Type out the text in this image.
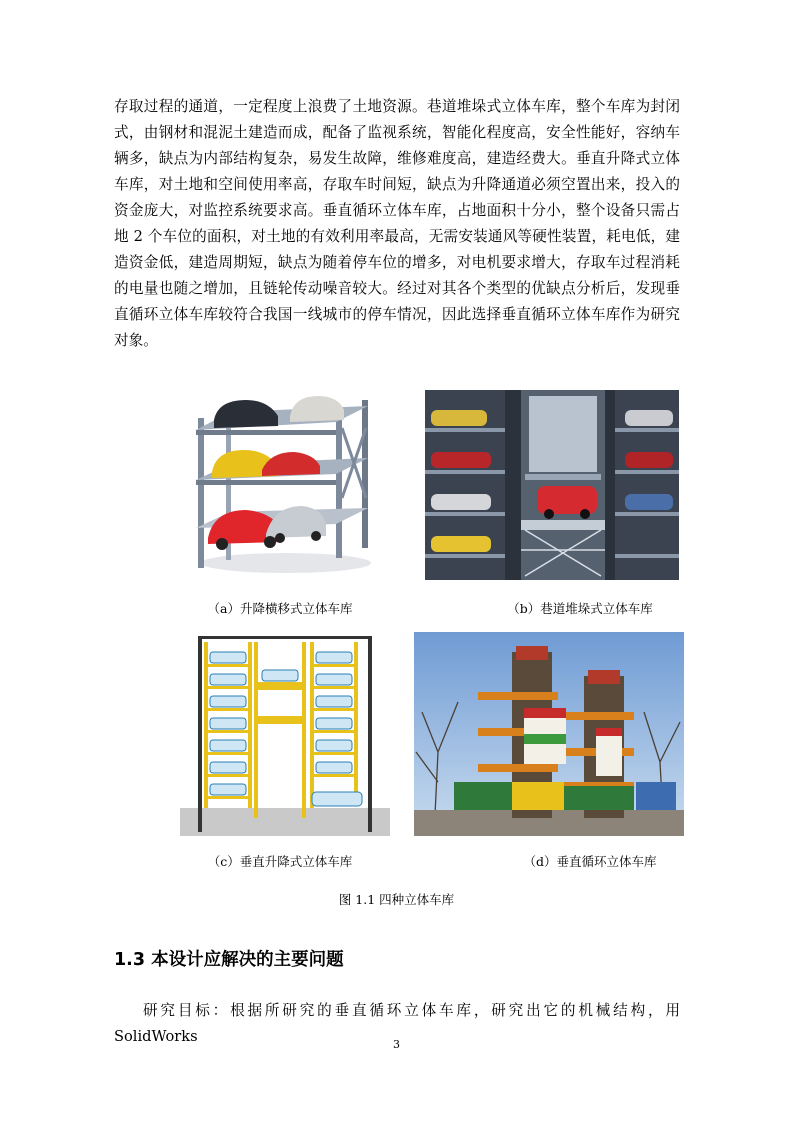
存取过程的通道，一定程度上浪费了土地资源。巷道堆垛式立体车库，整个车库为封闭式，由钢材和混泥土建造而成，配备了监视系统，智能化程度高，安全性能好，容纳车辆多，缺点为内部结构复杂，易发生故障，维修难度高，建造经费大。垂直升降式立体车库，对土地和空间使用率高，存取车时间短，缺点为升降通道必须空置出来，投入的资金庞大，对监控系统要求高。垂直循环立体车库，占地面积十分小，整个设备只需占地 2 个车位的面积，对土地的有效利用率最高，无需安装通风等硬性装置，耗电低，建造资金低，建造周期短，缺点为随着停车位的增多，对电机要求增大，存取车过程消耗的电量也随之增加，且链轮传动噪音较大。经过对其各个类型的优缺点分析后，发现垂直循环立体车库较符合我国一线城市的停车情况，因此选择垂直循环立体车库作为研究对象。

（a）升降横移式立体车库	（b）巷道堆垛式立体车库
（c）垂直升降式立体车库	（d）垂直循环立体车库
图 1.1 四种立体车库
1.3 本设计应解决的主要问题

研究目标：根据所研究的垂直循环立体车库，研究出它的机械结构，用 SolidWorks	3
